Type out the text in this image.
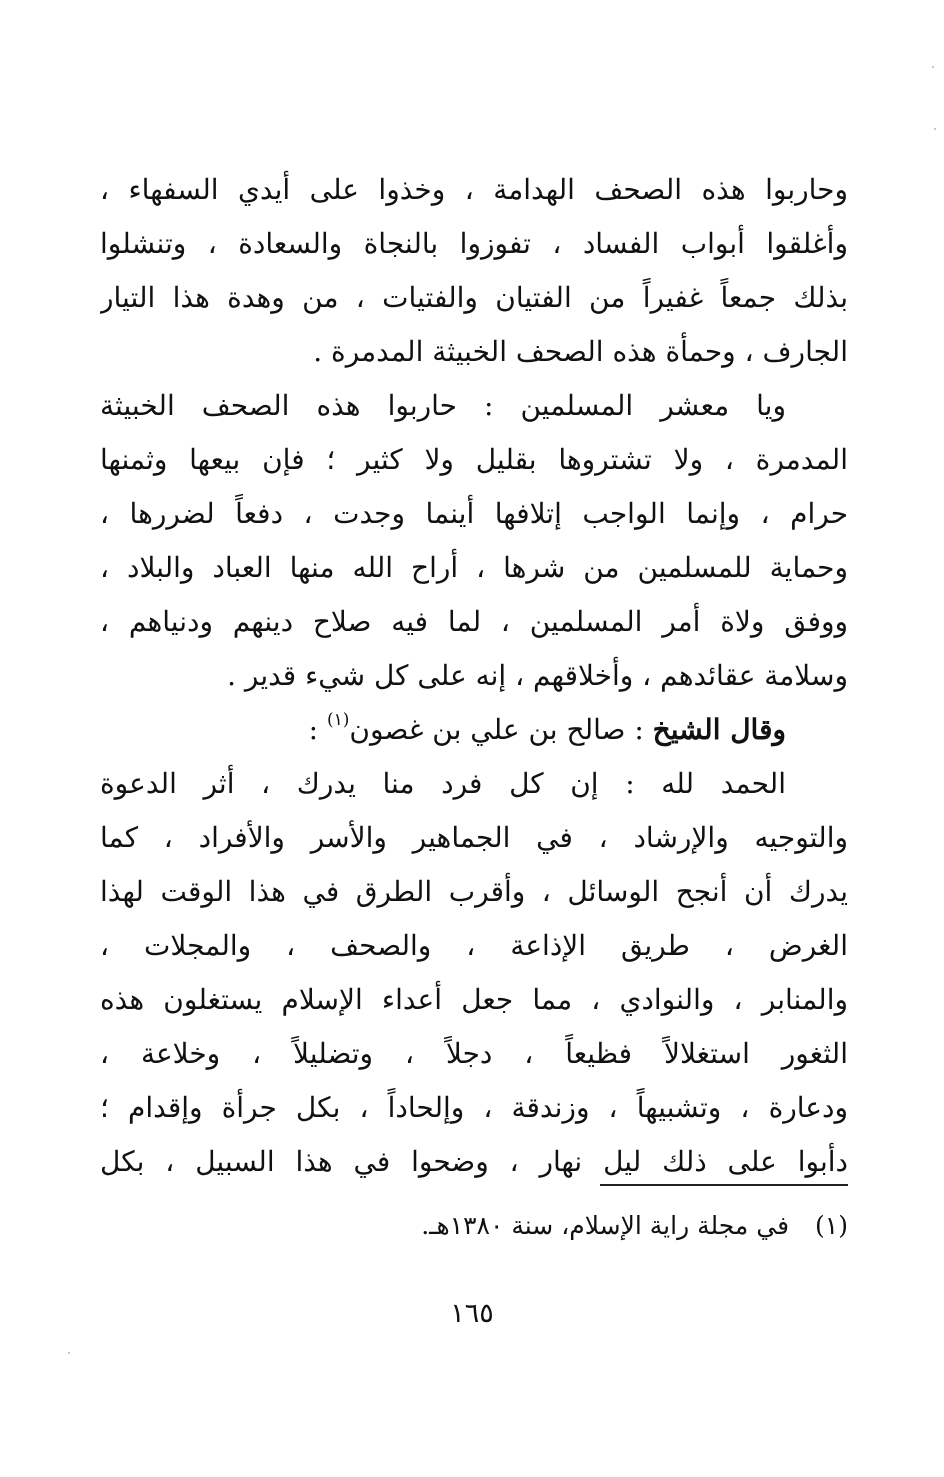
وحاربوا هذه الصحف الهدامة ، وخذوا على أيدي السفهاء ،
وأغلقوا أبواب الفساد ، تفوزوا بالنجاة والسعادة ، وتنشلوا
بذلك جمعاً غفيراً من الفتيان والفتيات ، من وهدة هذا التيار
الجارف ، وحمأة هذه الصحف الخبيثة المدمرة .
ويا معشر المسلمين : حاربوا هذه الصحف الخبيثة
المدمرة ، ولا تشتروها بقليل ولا كثير ؛ فإن بيعها وثمنها
حرام ، وإنما الواجب إتلافها أينما وجدت ، دفعاً لضررها ،
وحماية للمسلمين من شرها ، أراح الله منها العباد والبلاد ،
ووفق ولاة أمر المسلمين ، لما فيه صلاح دينهم ودنياهم ،
وسلامة عقائدهم ، وأخلاقهم ، إنه على كل شيء قدير .
وقال الشيخ : صالح بن علي بن غصون$^{(١)}$ :
الحمد لله : إن كل فرد منا يدرك ، أثر الدعوة
والتوجيه والإرشاد ، في الجماهير والأسر والأفراد ، كما
يدرك أن أنجح الوسائل ، وأقرب الطرق في هذا الوقت لهذا
الغرض ، طريق الإذاعة ، والصحف ، والمجلات ،
والمنابر ، والنوادي ، مما جعل أعداء الإسلام يستغلون هذه
الثغور استغلالاً فظيعاً ، دجلاً ، وتضليلاً ، وخلاعة ،
ودعارة ، وتشبيهاً ، وزندقة ، وإلحاداً ، بكل جرأة وإقدام ؛
دأبوا على ذلك ليل نهار ، وضحوا في هذا السبيل ، بكل
(١)في مجلة راية الإسلام، سنة ١٣٨٠هـ.
١٦٥
